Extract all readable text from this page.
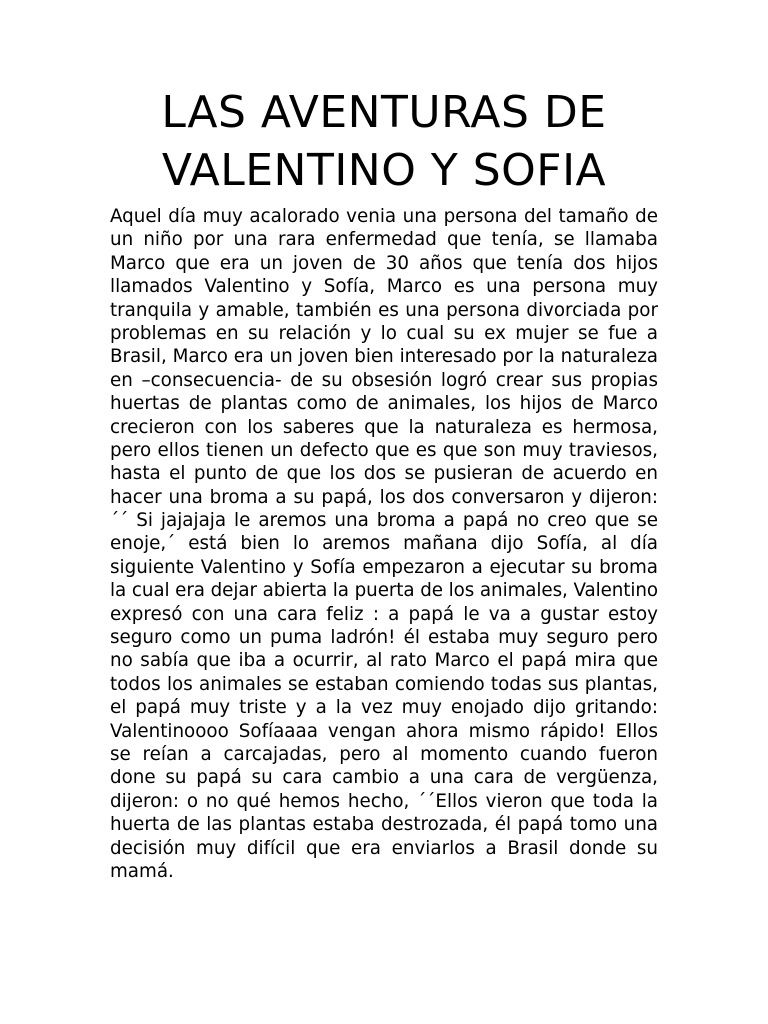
LAS AVENTURAS DE
VALENTINO Y SOFIA
Aquel día muy acalorado venia una persona del tamaño de
un niño por una rara enfermedad que tenía, se llamaba
Marco que era un joven de 30 años que tenía dos hijos
llamados Valentino y Sofía, Marco es una persona muy
tranquila y amable, también es una persona divorciada por
problemas en su relación y lo cual su ex mujer se fue a
Brasil, Marco era un joven bien interesado por la naturaleza
en –consecuencia- de su obsesión logró crear sus propias
huertas de plantas como de animales, los hijos de Marco
crecieron con los saberes que la naturaleza es hermosa,
pero ellos tienen un defecto que es que son muy traviesos,
hasta el punto de que los dos se pusieran de acuerdo en
hacer una broma a su papá, los dos conversaron y dijeron:
´´ Si jajajaja le aremos una broma a papá no creo que se
enoje,´ está bien lo aremos mañana dijo Sofía, al día
siguiente Valentino y Sofía empezaron a ejecutar su broma
la cual era dejar abierta la puerta de los animales, Valentino
expresó con una cara feliz : a papá le va a gustar estoy
seguro como un puma ladrón! él estaba muy seguro pero
no sabía que iba a ocurrir, al rato Marco el papá mira que
todos los animales se estaban comiendo todas sus plantas,
el papá muy triste y a la vez muy enojado dijo gritando:
Valentinoooo Sofíaaaa vengan ahora mismo rápido! Ellos
se reían a carcajadas, pero al momento cuando fueron
done su papá su cara cambio a una cara de vergüenza,
dijeron: o no qué hemos hecho, ´´Ellos vieron que toda la
huerta de las plantas estaba destrozada, él papá tomo una
decisión muy difícil que era enviarlos a Brasil donde su
mamá.
